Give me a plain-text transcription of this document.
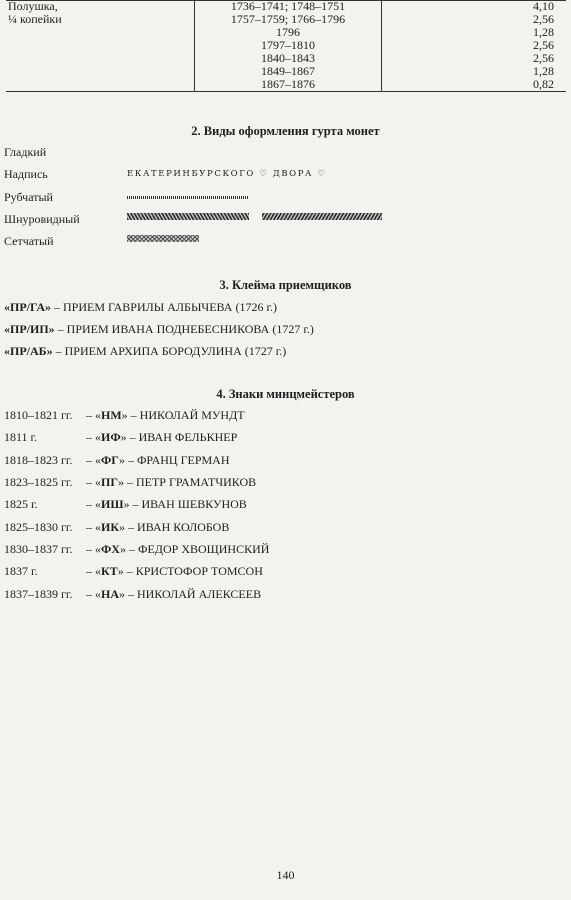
Полушка,	1736–1741; 1748–1751	4,10
¼ копейки	1757–1759; 1766–1796	2,56
	1796	1,28
	1797–1810	2,56
	1840–1843	2,56
	1849–1867	1,28
	1867–1876	0,82
2. Виды оформления гурта монет
Гладкий
Надпись	ЕКАТЕРИНБУРСКОГО ♡ ДВОРА ♡
Рубчатый
Шнуровидный
Сетчатый
3. Клейма приемщиков
«ПР/ГА» – ПРИЕМ ГАВРИЛЫ АЛБЫЧЕВА (1726 г.)
«ПР/ИП» – ПРИЕМ ИВАНА ПОДНЕБЕСНИКОВА (1727 г.)
«ПР/АБ» – ПРИЕМ АРХИПА БОРОДУЛИНА (1727 г.)
4. Знаки минцмейстеров
1810–1821 гг. – «НМ» – НИКОЛАЙ МУНДТ
1811 г.	– «ИФ» – ИВАН ФЕЛЬКНЕР
1818–1823 гг. – «ФГ» – ФРАНЦ ГЕРМАН
1823–1825 гг. – «ПГ» – ПЕТР ГРАМАТЧИКОВ
1825 г.	– «ИШ» – ИВАН ШЕВКУНОВ
1825–1830 гг. – «ИК» – ИВАН КОЛОБОВ
1830–1837 гг. – «ФХ» – ФЕДОР ХВОЩИНСКИЙ
1837 г.	– «КТ» – КРИСТОФОР ТОМСОН
1837–1839 гг. – «НА» – НИКОЛАЙ АЛЕКСЕЕВ
140
